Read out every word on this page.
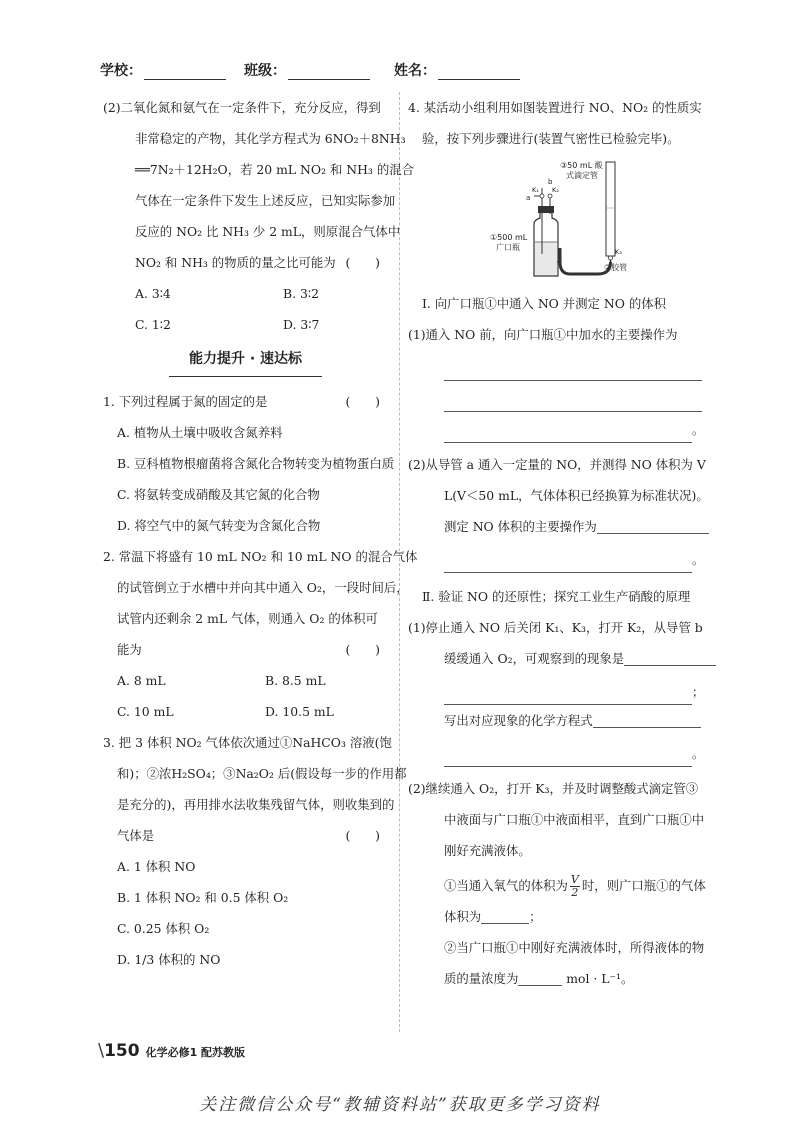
学校：	班级：	姓名：
(2)二氧化氮和氨气在一定条件下，充分反应，得到
非常稳定的产物，其化学方程式为 6NO₂＋8NH₃
══7N₂＋12H₂O，若 20 mL NO₂ 和 NH₃ 的混合
气体在一定条件下发生上述反应，已知实际参加
反应的 NO₂ 比 NH₃ 少 2 mL，则原混合气体中
NO₂ 和 NH₃ 的物质的量之比可能为 (　　)
A. 3∶4	B. 3∶2
C. 1∶2	D. 3∶7
能力提升 · 速达标
1. 下列过程属于氮的固定的是	(　　)
A. 植物从土壤中吸收含氮养料
B. 豆科植物根瘤菌将含氮化合物转变为植物蛋白质
C. 将氨转变成硝酸及其它氮的化合物
D. 将空气中的氮气转变为含氮化合物
2. 常温下将盛有 10 mL NO₂ 和 10 mL NO 的混合气体
的试管倒立于水槽中并向其中通入 O₂，一段时间后，
试管内还剩余 2 mL 气体，则通入 O₂ 的体积可
能为	(　　)
A. 8 mL	B. 8.5 mL
C. 10 mL	D. 10.5 mL
3. 把 3 体积 NO₂ 气体依次通过①NaHCO₃ 溶液(饱
和)；②浓H₂SO₄；③Na₂O₂ 后(假设每一步的作用都
是充分的)，再用排水法收集残留气体，则收集到的
气体是	(　　)
A. 1 体积 NO
B. 1 体积 NO₂ 和 0.5 体积 O₂
C. 0.25 体积 O₂
D. 1/3 体积的 NO
4. 某活动小组利用如图装置进行 NO、NO₂ 的性质实
验，按下列步骤进行(装置气密性已检验完毕)。
③50 mL 酸
式滴定管
b
a
K₁ K₂
K₃
①500 mL
广口瓶
②胶管
Ⅰ. 向广口瓶①中通入 NO 并测定 NO 的体积
(1)通入 NO 前，向广口瓶①中加水的主要操作为
。
(2)从导管 a 通入一定量的 NO，并测得 NO 体积为 V
L(V＜50 mL，气体体积已经换算为标准状况)。
测定 NO 体积的主要操作为
。
Ⅱ. 验证 NO 的还原性；探究工业生产硝酸的原理
(1)停止通入 NO 后关闭 K₁、K₃，打开 K₂，从导管 b
缓缓通入 O₂，可观察到的现象是
；
写出对应现象的化学方程式
。
(2)继续通入 O₂，打开 K₃，并及时调整酸式滴定管③
中液面与广口瓶①中液面相平，直到广口瓶①中
刚好充满液体。
①当通入氧气的体积为 $\frac{V}{2}$ 时，则广口瓶①的气体
体积为	；
②当广口瓶①中刚好充满液体时，所得液体的物
质的量浓度为	mol · L⁻¹。
\150 化学必修1 配苏教版
关注微信公众号“教辅资料站”获取更多学习资料
